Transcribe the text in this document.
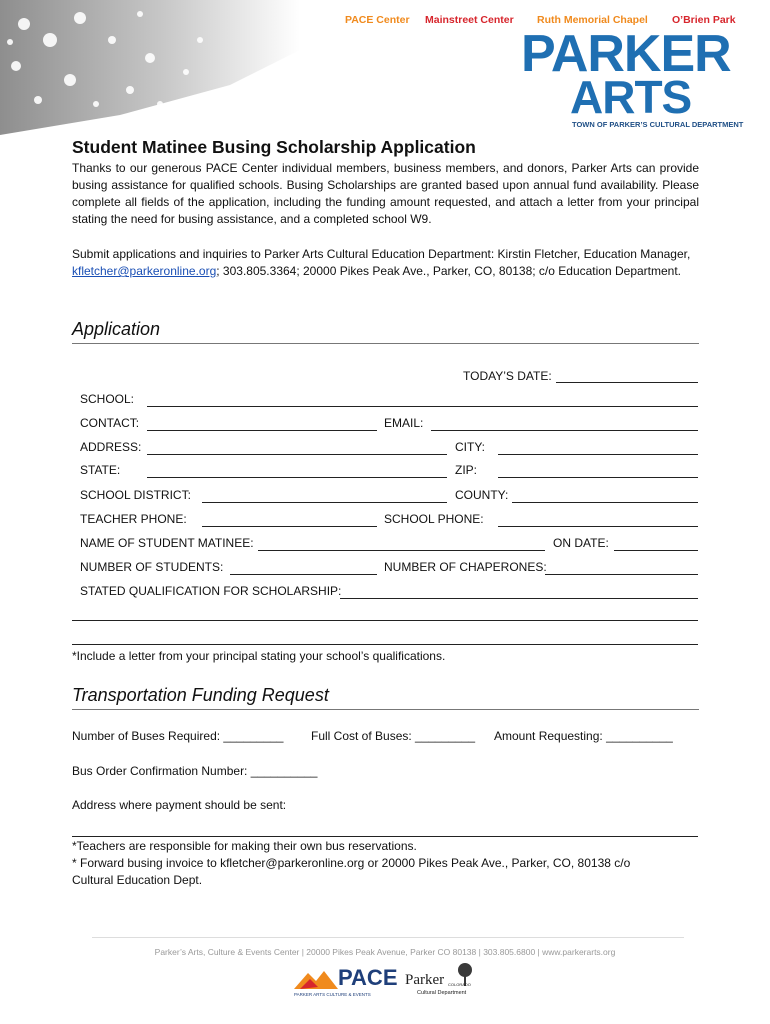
PACE Center Mainstreet Center Ruth Memorial Chapel O’Brien Park
PARKER
ARTS
TOWN OF PARKER’S CULTURAL DEPARTMENT
Student Matinee Busing Scholarship Application
Thanks to our generous PACE Center individual members, business members, and donors, Parker Arts can provide busing assistance for qualified schools. Busing Scholarships are granted based upon annual fund availability. Please complete all fields of the application, including the funding amount requested, and attach a letter from your principal stating the need for busing assistance, and a completed school W9.
Submit applications and inquiries to Parker Arts Cultural Education Department: Kirstin Fletcher, Education Manager, kfletcher@parkeronline.org; 303.805.3364; 20000 Pikes Peak Ave., Parker, CO, 80138; c/o Education Department.
Application
TODAY’S DATE:
SCHOOL:
CONTACT:	EMAIL:
ADDRESS:	CITY:
STATE:	ZIP:
SCHOOL DISTRICT:	COUNTY:
TEACHER PHONE:	SCHOOL PHONE:
NAME OF STUDENT MATINEE:	ON DATE:
NUMBER OF STUDENTS:	NUMBER OF CHAPERONES:
STATED QUALIFICATION FOR SCHOLARSHIP:
*Include a letter from your principal stating your school’s qualifications.
Transportation Funding Request
Number of Buses Required: _________ Full Cost of Buses: _________ Amount Requesting: __________
Bus Order Confirmation Number: __________
Address where payment should be sent:
*Teachers are responsible for making their own bus reservations.
* Forward busing invoice to kfletcher@parkeronline.org or 20000 Pikes Peak Ave., Parker, CO, 80138 c/o
Cultural Education Dept.
Parker’s Arts, Culture & Events Center | 20000 Pikes Peak Avenue, Parker CO 80138 | 303.805.6800 | www.parkerarts.org
PACE
PARKER ARTS CULTURE & EVENTS
Parker COLORADO
Cultural Department
